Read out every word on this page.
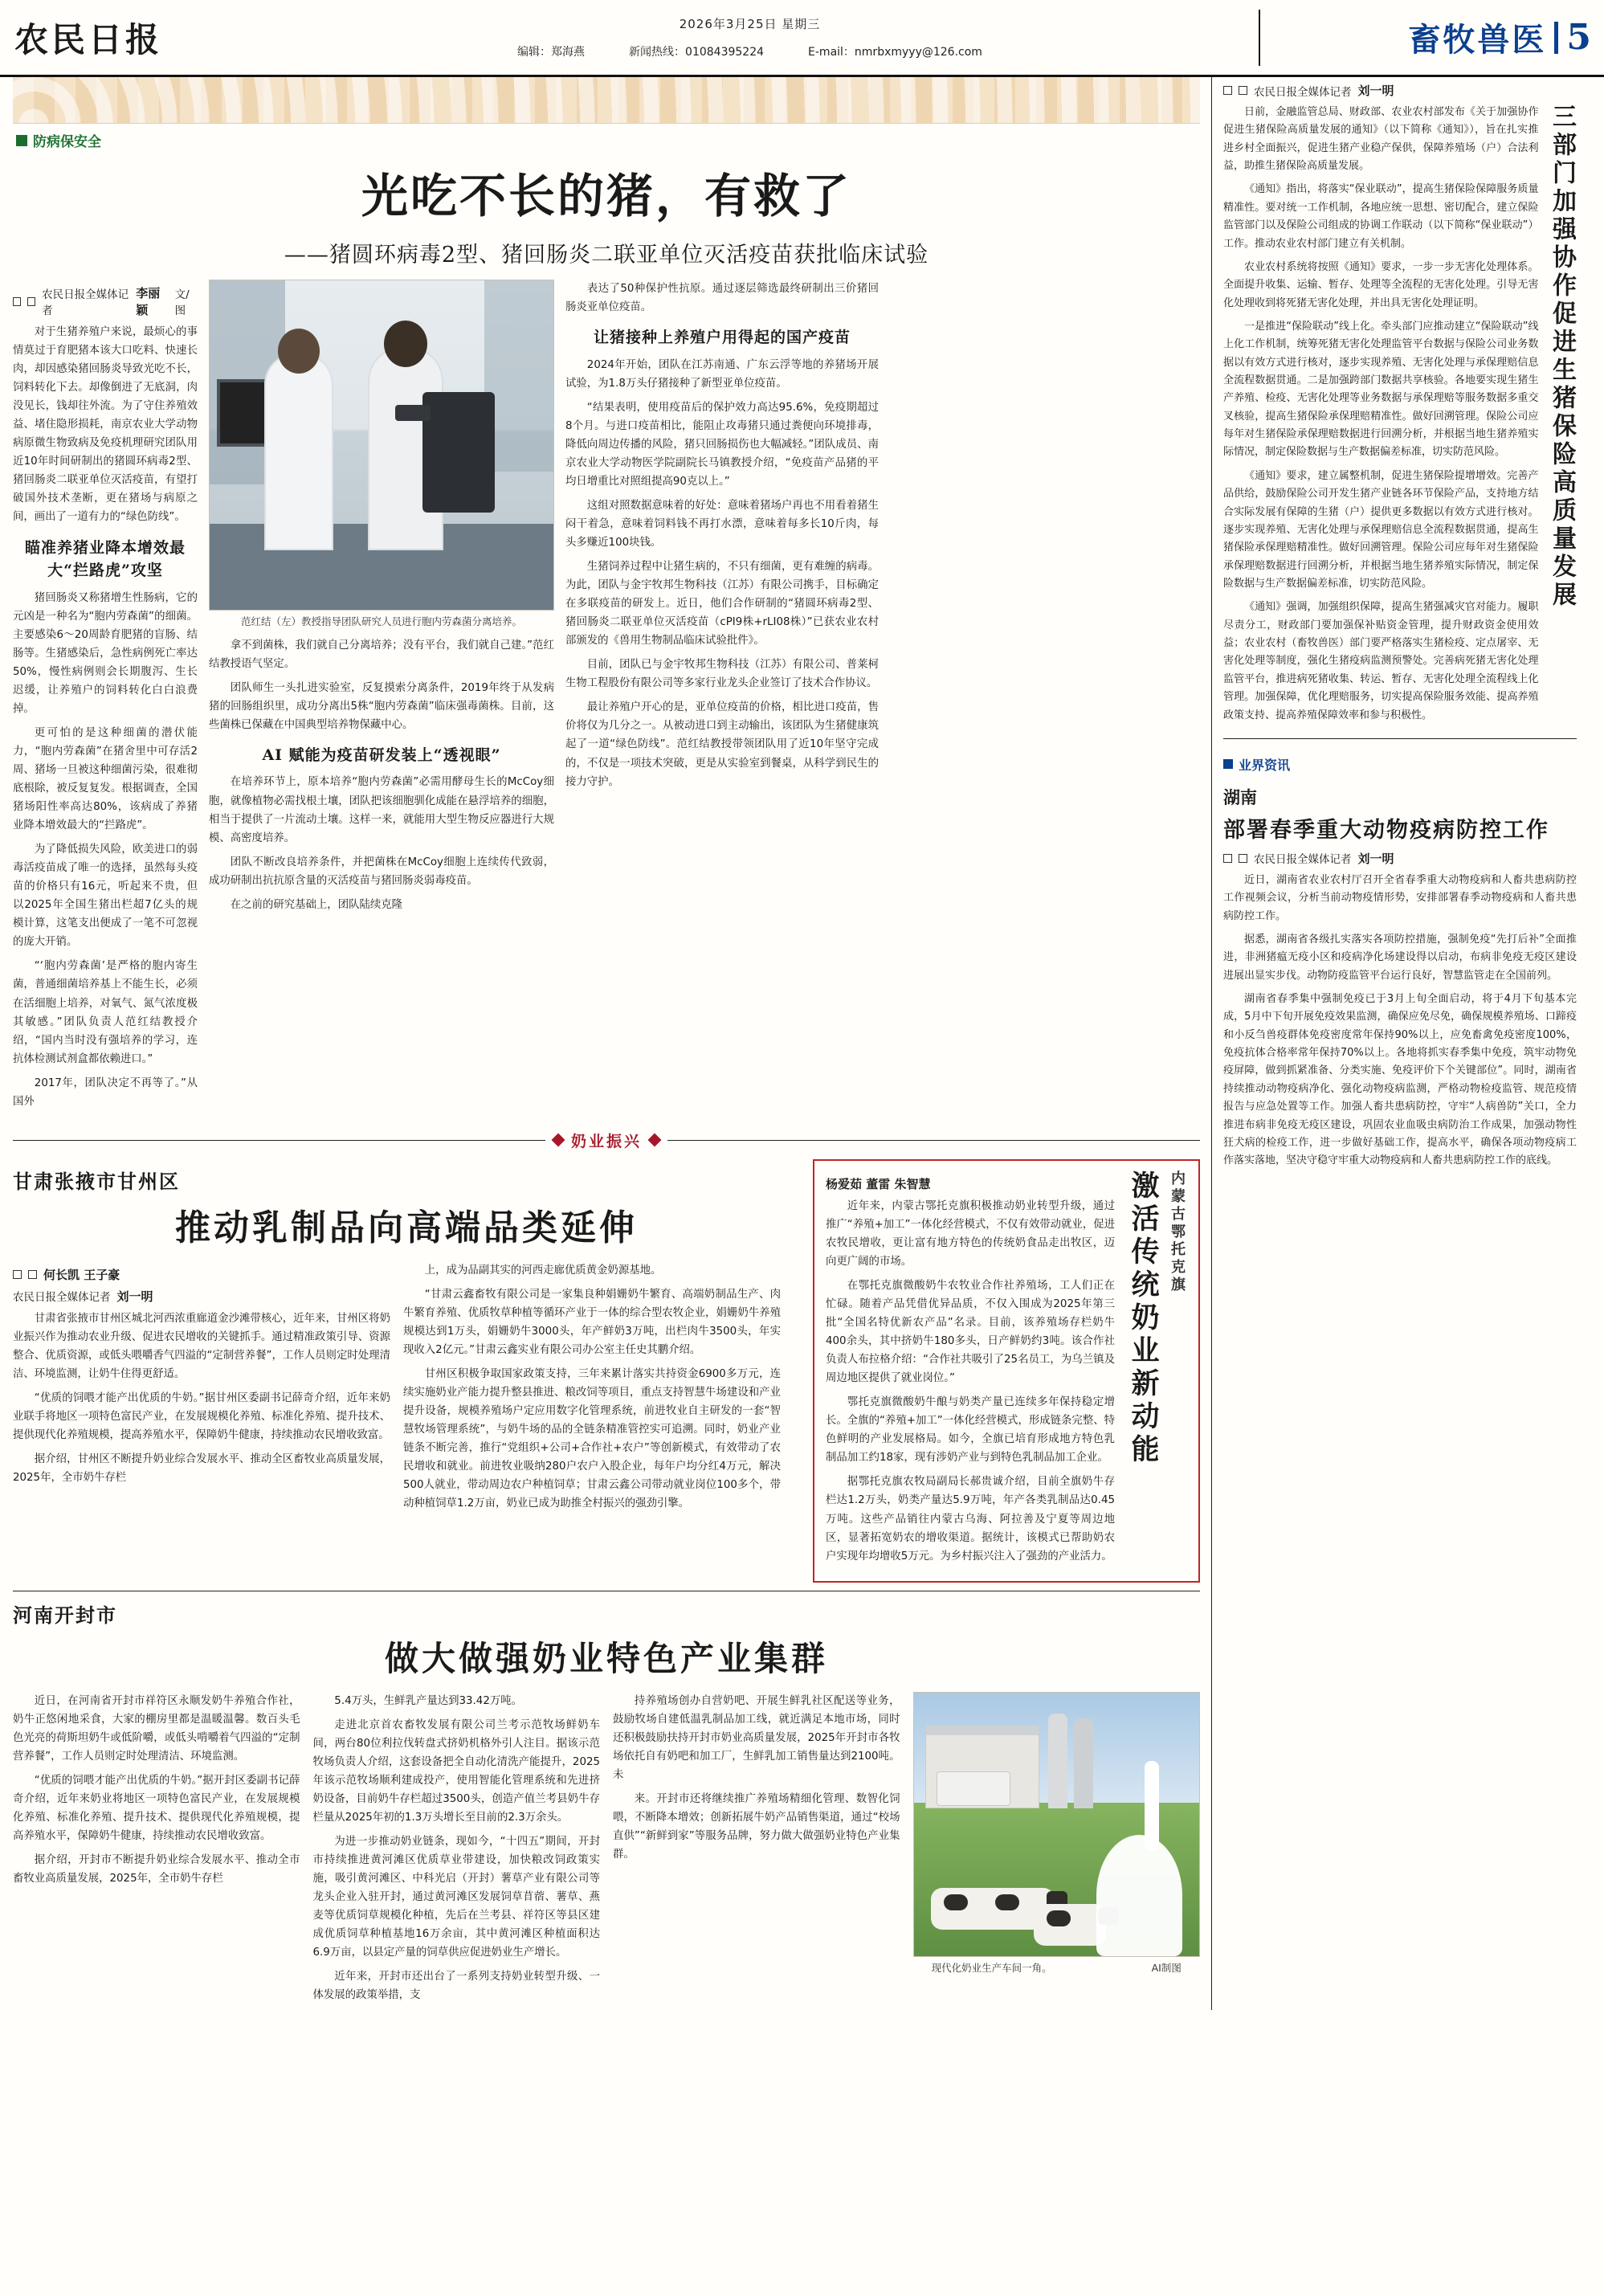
农民日报	2026年3月25日 星期三
编辑：郑海燕	新闻热线：01084395224	E-mail：nmrbxmyyy@126.com	畜牧兽医 5
防病保安全
光吃不长的猪，有救了
——猪圆环病毒2型、猪回肠炎二联亚单位灭活疫苗获批临床试验
农民日报全媒体记者
李丽颖
文/图

对于生猪养殖户来说，最烦心的事情莫过于育肥猪本该大口吃料、快速长肉，却因感染猪回肠炎导致光吃不长，饲料转化下去。却像倒进了无底洞，肉没见长，钱却往外流。为了守住养殖效益、堵住隐形损耗，南京农业大学动物病原微生物致病及免疫机理研究团队用近10年时间研制出的猪圆环病毒2型、猪回肠炎二联亚单位灭活疫苗，有望打破国外技术垄断，更在猪场与病原之间，画出了一道有力的“绿色防线”。

瞄准养猪业降本增效最大“拦路虎”攻坚

猪回肠炎又称猪增生性肠病，它的元凶是一种名为“胞内劳森菌”的细菌。主要感染6～20周龄育肥猪的盲肠、结肠等。生猪感染后，急性病例死亡率达50%，慢性病例则会长期腹泻、生长迟缓，让养殖户的饲料转化白白浪费掉。

更可怕的是这种细菌的潜伏能力，“胞内劳森菌”在猪舍里中可存活2周、猪场一旦被这种细菌污染，很难彻底根除，被反复复发。根据调查，全国猪场阳性率高达80%，该病成了养猪业降本增效最大的“拦路虎”。

为了降低损失风险，欧美进口的弱毒活疫苗成了唯一的选择，虽然每头疫苗的价格只有16元，听起来不贵，但以2025年全国生猪出栏超7亿头的规模计算，这笔支出便成了一笔不可忽视的庞大开销。

“‘胞内劳森菌’是严格的胞内寄生菌，普通细菌培养基上不能生长，必须在活细胞上培养，对氧气、氮气浓度极其敏感。”团队负责人范红结教授介绍，“国内当时没有强培养的学习，连抗体检测试剂盒都依赖进口。”

2017年，团队决定不再等了。”从国外

范红结（左）教授指导团队研究人员进行胞内劳森菌分离培养。

拿不到菌株，我们就自己分离培养；没有平台，我们就自己建。”范红结教授语气坚定。

团队师生一头扎进实验室，反复摸索分离条件，2019年终于从发病猪的回肠组织里，成功分离出5株“胞内劳森菌”临床强毒菌株。目前，这些菌株已保藏在中国典型培养物保藏中心。

AI 赋能为疫苗研发装上“透视眼”

在培养环节上，原本培养“胞内劳森菌”必需用酵母生长的McCoy细胞，就像植物必需找根土壤，团队把该细胞驯化成能在悬浮培养的细胞，相当于提供了一片流动土壤。这样一来，就能用大型生物反应器进行大规模、高密度培养。

团队不断改良培养条件，并把菌株在McCoy细胞上连续传代致弱，成功研制出抗抗原含量的灭活疫苗与猪回肠炎弱毒疫苗。

在之前的研究基础上，团队陆续克隆

表达了50种保护性抗原。通过逐层筛选最终研制出三价猪回肠炎亚单位疫苗。

让猪接种上养殖户用得起的国产疫苗

2024年开始，团队在江苏南通、广东云浮等地的养猪场开展试验，为1.8万头仔猪接种了新型亚单位疫苗。

“结果表明，使用疫苗后的保护效力高达95.6%，免疫期超过8个月。与进口疫苗相比，能阻止攻毒猪只通过粪便向环境排毒，降低向周边传播的风险，猪只回肠损伤也大幅减轻。”团队成员、南京农业大学动物医学院副院长马镇教授介绍，“免疫苗产品猪的平均日增重比对照组提高90克以上。”

这组对照数据意味着的好处：意味着猪场户再也不用看着猪生闷干着急，意味着饲料钱不再打水漂，意味着每多长10斤肉，每头多赚近100块钱。

生猪饲养过程中让猪生病的，不只有细菌，更有难缠的病毒。为此，团队与金宇牧邦生物科技（江苏）有限公司携手，目标确定在多联疫苗的研发上。近日，他们合作研制的“猪圆环病毒2型、猪回肠炎二联亚单位灭活疫苗（cPI9株+rLI08株）”已获农业农村部颁发的《兽用生物制品临床试验批件》。

目前，团队已与金宇牧邦生物科技（江苏）有限公司、普莱柯生物工程股份有限公司等多家行业龙头企业签订了技术合作协议。

最让养殖户开心的是，亚单位疫苗的价格，相比进口疫苗，售价将仅为几分之一。从被动进口到主动输出，该团队为生猪健康筑起了一道“绿色防线”。范红结教授带领团队用了近10年坚守完成的，不仅是一项技术突破，更是从实验室到餐桌，从科学到民生的接力守护。

奶业振兴
甘肃张掖市甘州区
推动乳制品向高端品类延伸
何长凯 王子豪
农民日报全媒体记者 刘一明

甘肃省张掖市甘州区城北河西浓重廊道金沙滩带核心，近年来，甘州区将奶业振兴作为推动农业升级、促进农民增收的关键抓手。通过精准政策引导、资源整合、优质资源，或低头喂嚼香气四溢的“定制营养餐”，工作人员则定时处理清洁、环境监测，让奶牛住得更舒适。

“优质的饲喂才能产出优质的牛奶。”据甘州区委副书记薛奇介绍，近年来奶业联手将地区一项特色富民产业，在发展规模化养殖、标准化养殖、提升技术、提供现代化养殖规模，提高养殖水平，保障奶牛健康，持续推动农民增收致富。

据介绍，甘州区不断提升奶业综合发展水平、推动全区畜牧业高质量发展，2025年，全市奶牛存栏

上，成为品副其实的河西走廊优质黄金奶源基地。

“甘肃云鑫畜牧有限公司是一家集良种娟姗奶牛繁育、高端奶制品生产、肉牛繁育养殖、优质牧草种植等循环产业于一体的综合型农牧企业，娟姗奶牛养殖规模达到1万头，娟姗奶牛3000头，年产鲜奶3万吨，出栏肉牛3500头，年实现收入2亿元。”甘肃云鑫实业有限公司办公室主任史其鹏介绍。

甘州区积极争取国家政策支持，三年来累计落实共持资金6900多万元，连续实施奶业产能力提升整县推进、粮改饲等项目，重点支持智慧牛场建设和产业提升设备，规模养殖场户定应用数字化管理系统，前进牧业自主研发的一套“智慧牧场管理系统”，与奶牛场的品的全链条精准管控实可追溯。同时，奶业产业链条不断完善，推行“党组织+公司+合作社+农户”等创新模式，有效带动了农民增收和就业。前进牧业吸纳280户农户入股企业，每年户均分红4万元，解决500人就业，带动周边农户种植饲草；甘肃云鑫公司带动就业岗位100多个，带动种植饲草1.2万亩，奶业已成为助推全村振兴的强劲引擎。

杨爱茹 董雷 朱智慧

近年来，内蒙古鄂托克旗积极推动奶业转型升级，通过推广“养殖+加工”一体化经营模式，不仅有效带动就业，促进农牧民增收，更让富有地方特色的传统奶食品走出牧区，迈向更广阔的市场。

在鄂托克旗微酸奶牛农牧业合作社养殖场，工人们正在忙碌。随着产品凭借优异品质，不仅入围成为2025年第三批“全国名特优新农产品”名录。目前，该养殖场存栏奶牛400余头，其中挤奶牛180多头，日产鲜奶约3吨。该合作社负责人布拉格介绍：“合作社共吸引了25名员工，为乌兰镇及周边地区提供了就业岗位。”

鄂托克旗微酸奶牛酿与奶类产量已连续多年保持稳定增长。全旗的“养殖+加工”一体化经营模式，形成链条完整、特色鲜明的产业发展格局。如今，全旗已培育形成地方特色乳制品加工约18家，现有涉奶产业与到特色乳制品加工企业。

据鄂托克旗农牧局副局长郝贵诚介绍，目前全旗奶牛存栏达1.2万头，奶类产量达5.9万吨，年产各类乳制品达0.45万吨。这些产品销往内蒙古乌海、阿拉善及宁夏等周边地区，显著拓宽奶农的增收渠道。据统计，该模式已帮助奶农户实现年均增收5万元。为乡村振兴注入了强劲的产业活力。

激活传统奶业新动能 内蒙古鄂托克旗
河南开封市
做大做强奶业特色产业集群

近日，在河南省开封市祥符区永顺发奶牛养殖合作社，奶牛正悠闲地采食，大家的棚房里都是温暖温馨。数百头毛色光亮的荷斯坦奶牛或低阶嚼，或低头啃嚼着气四溢的“定制营养餐”，工作人员则定时处理清洁、环境监测。

“优质的饲喂才能产出优质的牛奶。”据开封区委副书记薛奇介绍，近年来奶业将地区一项特色富民产业，在发展规模化养殖、标准化养殖、提升技术、提供现代化养殖规模，提高养殖水平，保障奶牛健康，持续推动农民增收致富。

据介绍，开封市不断提升奶业综合发展水平、推动全市畜牧业高质量发展，2025年，全市奶牛存栏

5.4万头，生鲜乳产量达到33.42万吨。

走进北京首农畜牧发展有限公司兰考示范牧场鲜奶车间，两台80位利拉伐转盘式挤奶机格外引人注目。据该示范牧场负责人介绍，这套设备把全自动化清洗产能提升，2025年该示范牧场顺利建成投产，使用智能化管理系统和先进挤奶设备，目前奶牛存栏超过3500头，创造产值兰考县奶牛存栏量从2025年初的1.3万头增长至目前的2.3万余头。

为进一步推动奶业链条，现如今，“十四五”期间，开封市持续推进黄河滩区优质草业带建设，加快粮改饲政策实施，吸引黄河滩区、中科光启（开封）薯草产业有限公司等龙头企业入驻开封，通过黄河滩区发展饲草苜蓿、薯草、燕麦等优质饲草规模化种植，先后在兰考县、祥符区等县区建成优质饲草种植基地16万余亩，其中黄河滩区种植面积达6.9万亩，以县定产量的饲草供应促进奶业生产增长。

近年来，开封市还出台了一系列支持奶业转型升级、一体发展的政策举措，支

持养殖场创办自营奶吧、开展生鲜乳社区配送等业务，鼓励牧场自建低温乳制品加工线，就近满足本地市场，同时还积极鼓励扶持开封市奶业高质量发展，2025年开封市各牧场依托自有奶吧和加工厂，生鲜乳加工销售量达到2100吨。未

来。开封市还将继续推广养殖场精细化管理、数智化饲喂，不断降本增效；创新拓展牛奶产品销售渠道，通过“校场直供”“新鲜到家”等服务品牌，努力做大做强奶业特色产业集群。

现代化奶业生产车间一角。	AI制图
农民日报全媒体记者 刘一明

日前，金融监管总局、财政部、农业农村部发布《关于加强协作促进生猪保险高质量发展的通知》（以下简称《通知》），旨在扎实推进乡村全面振兴，促进生猪产业稳产保供，保障养殖场（户）合法利益，助推生猪保险高质量发展。

《通知》指出，将落实“保业联动”，提高生猪保险保障服务质量精准性。要对统一工作机制，各地应统一思想、密切配合，建立保险监管部门以及保险公司组成的协调工作联动（以下简称“保业联动”）工作。推动农业农村部门建立有关机制。

农业农村系统将按照《通知》要求，一步一步无害化处理体系。全面提升收集、运输、暂存、处理等全流程的无害化处理。引导无害化处理收到将死猪无害化处理，并出具无害化处理证明。

一是推进“保险联动”线上化。牵头部门应推动建立“保险联动”线上化工作机制，统筹死猪无害化处理监管平台数据与保险公司业务数据以有效方式进行核对，逐步实现养殖、无害化处理与承保理赔信息全流程数据贯通。二是加强跨部门数据共享核验。各地要实现生猪生产养殖、检疫、无害化处理等业务数据与承保理赔等服务数据多重交叉核验，提高生猪保险承保理赔精准性。做好回溯管理。保险公司应每年对生猪保险承保理赔数据进行回溯分析，并根据当地生猪养殖实际情况，制定保险数据与生产数据偏差标准，切实防范风险。

《通知》要求，建立属整机制，促进生猪保险提增增效。完善产品供给，鼓励保险公司开发生猪产业链各环节保险产品，支持地方结合实际发展有保障的生猪（户）提供更多数据以有效方式进行核对。逐步实现养殖、无害化处理与承保理赔信息全流程数据贯通，提高生猪保险承保理赔精准性。做好回溯管理。保险公司应每年对生猪保险承保理赔数据进行回溯分析，并根据当地生猪养殖实际情况，制定保险数据与生产数据偏差标准，切实防范风险。

《通知》强调，加强组织保障，提高生猪强减灾官对能力。履职尽责分工，财政部门要加强保补贴资金管理，提升财政资金使用效益；农业农村（畜牧兽医）部门要严格落实生猪检疫、定点屠宰、无害化处理等制度，强化生猪疫病监测预警处。完善病死猪无害化处理监管平台，推进病死猪收集、转运、暂存、无害化处理全流程线上化管理。加强保障，优化理赔服务，切实提高保险服务效能、提高养殖政策支持、提高养殖保障效率和参与积极性。

三部门加强协作促进生猪保险高质量发展
业界资讯
湖南
部署春季重大动物疫病防控工作
农民日报全媒体记者 刘一明

近日，湖南省农业农村厅召开全省春季重大动物疫病和人畜共患病防控工作视频会议，分析当前动物疫情形势，安排部署春季动物疫病和人畜共患病防控工作。

据悉，湖南省各级扎实落实各项防控措施，强制免疫“先打后补”全面推进，非洲猪瘟无疫小区和疫病净化场建设得以启动，布病非免疫无疫区建设进展出显实步伐。动物防疫监管平台运行良好，智慧监管走在全国前列。

湖南省春季集中强制免疫已于3月上旬全面启动，将于4月下旬基本完成，5月中下旬开展免疫效果监测，确保应免尽免，确保规模养殖场、口蹄疫和小反刍兽疫群体免疫密度常年保持90%以上，应免畜禽免疫密度100%，免疫抗体合格率常年保持70%以上。各地将抓实春季集中免疫，筑牢动物免疫屏障，做到抓紧准备、分类实施、免疫评价下个关键部位”。同时，湖南省持续推动动物疫病净化、强化动物疫病监测，严格动物检疫监管、规范疫情报告与应急处置等工作。加强人畜共患病防控，守牢“人病兽防”关口，全力推进布病非免疫无疫区建设，巩固农业血吸虫病防治工作成果，加强动物性狂犬病的检疫工作，进一步做好基础工作，提高水平，确保各项动物疫病工作落实落地，坚决守稳守牢重大动物疫病和人畜共患病防控工作的底线。
